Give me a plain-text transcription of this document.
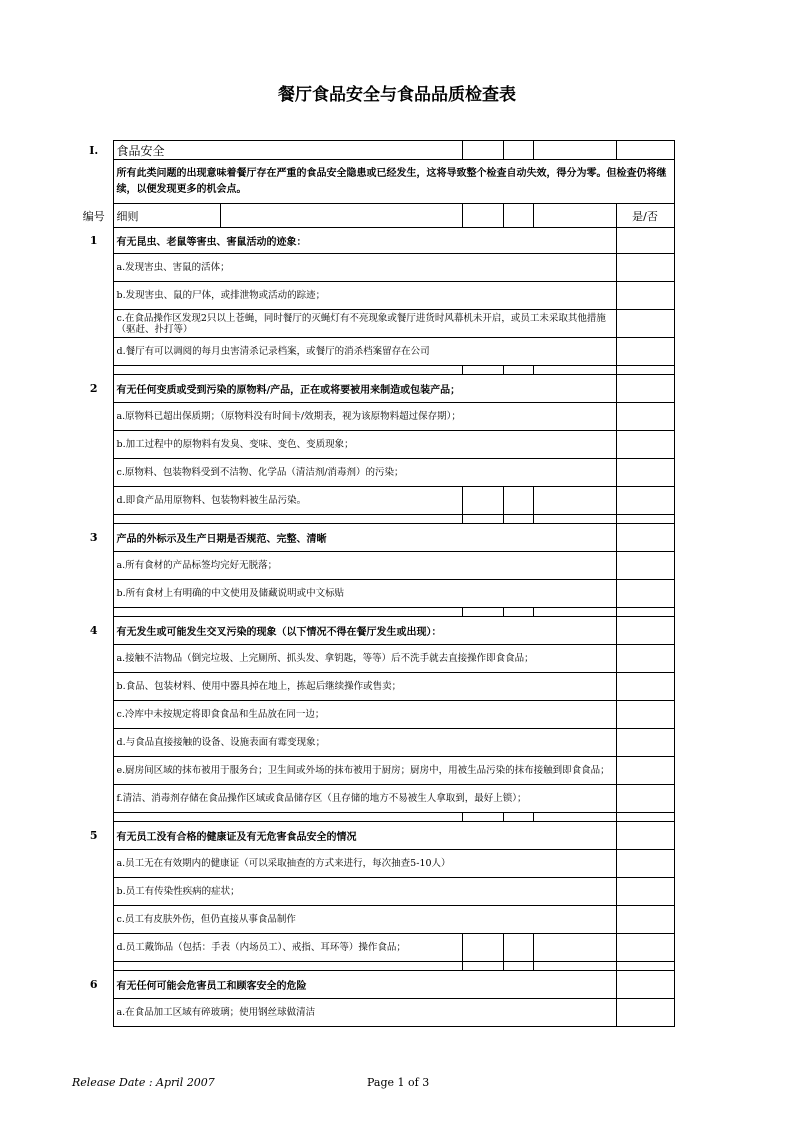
餐厅食品安全与食品品质检查表
I.	食品安全					
	所有此类问题的出现意味着餐厅存在严重的食品安全隐患或已经发生，这将导致整个检查自动失效，得分为零。但检查仍将继续，以便发现更多的机会点。					
编号	细则					是/否
1	有无昆虫、老鼠等害虫、害鼠活动的迹象：					
	a.发现害虫、害鼠的活体；					
	b.发现害虫、鼠的尸体，或排泄物或活动的踪迹；					
	c.在食品操作区发现2只以上苍蝇，同时餐厅的灭蝇灯有不亮现象或餐厅进货时风幕机未开启，或员工未采取其他措施（驱赶、扑打等）					
	d.餐厅有可以调阅的每月虫害清杀记录档案，或餐厅的消杀档案留存在公司					

2	有无任何变质或受到污染的原物料/产品，正在或将要被用来制造或包装产品；					
	a.原物料已超出保质期；（原物料没有时间卡/效期表，视为该原物料超过保存期）；					
	b.加工过程中的原物料有发臭、变味、变色、变质现象；					
	c.原物料、包装物料受到不洁物、化学品（清洁剂/消毒剂）的污染；					
	d.即食产品用原物料、包装物料被生品污染。					

3	产品的外标示及生产日期是否规范、完整、清晰					
	a.所有食材的产品标签均完好无脱落；					
	b.所有食材上有明确的中文使用及储藏说明或中文标贴					

4	有无发生或可能发生交叉污染的现象（以下情况不得在餐厅发生或出现）：					
	a.接触不洁物品（倒完垃圾、上完厕所、抓头发、拿钥匙，等等）后不洗手就去直接操作即食食品；					
	b.食品、包装材料、使用中器具掉在地上，拣起后继续操作或售卖；					
	c.冷库中未按规定将即食食品和生品放在同一边；					
	d.与食品直接接触的设备、设施表面有霉变现象；					
	e.厨房间区域的抹布被用于服务台；卫生间或外场的抹布被用于厨房；厨房中，用被生品污染的抹布接触到即食食品；					
	f.清洁、消毒剂存储在食品操作区域或食品储存区（且存储的地方不易被生人拿取到，最好上锁）；					

5	有无员工没有合格的健康证及有无危害食品安全的情况					
	a.员工无在有效期内的健康证（可以采取抽查的方式来进行，每次抽查5-10人）					
	b.员工有传染性疾病的症状；					
	c.员工有皮肤外伤，但仍直接从事食品制作					
	d.员工戴饰品（包括：手表（内场员工）、戒指、耳环等）操作食品；					

6	有无任何可能会危害员工和顾客安全的危险					
	a.在食品加工区域有碎玻璃；使用钢丝球做清洁					
Release Date : April 2007	Page 1 of 3
